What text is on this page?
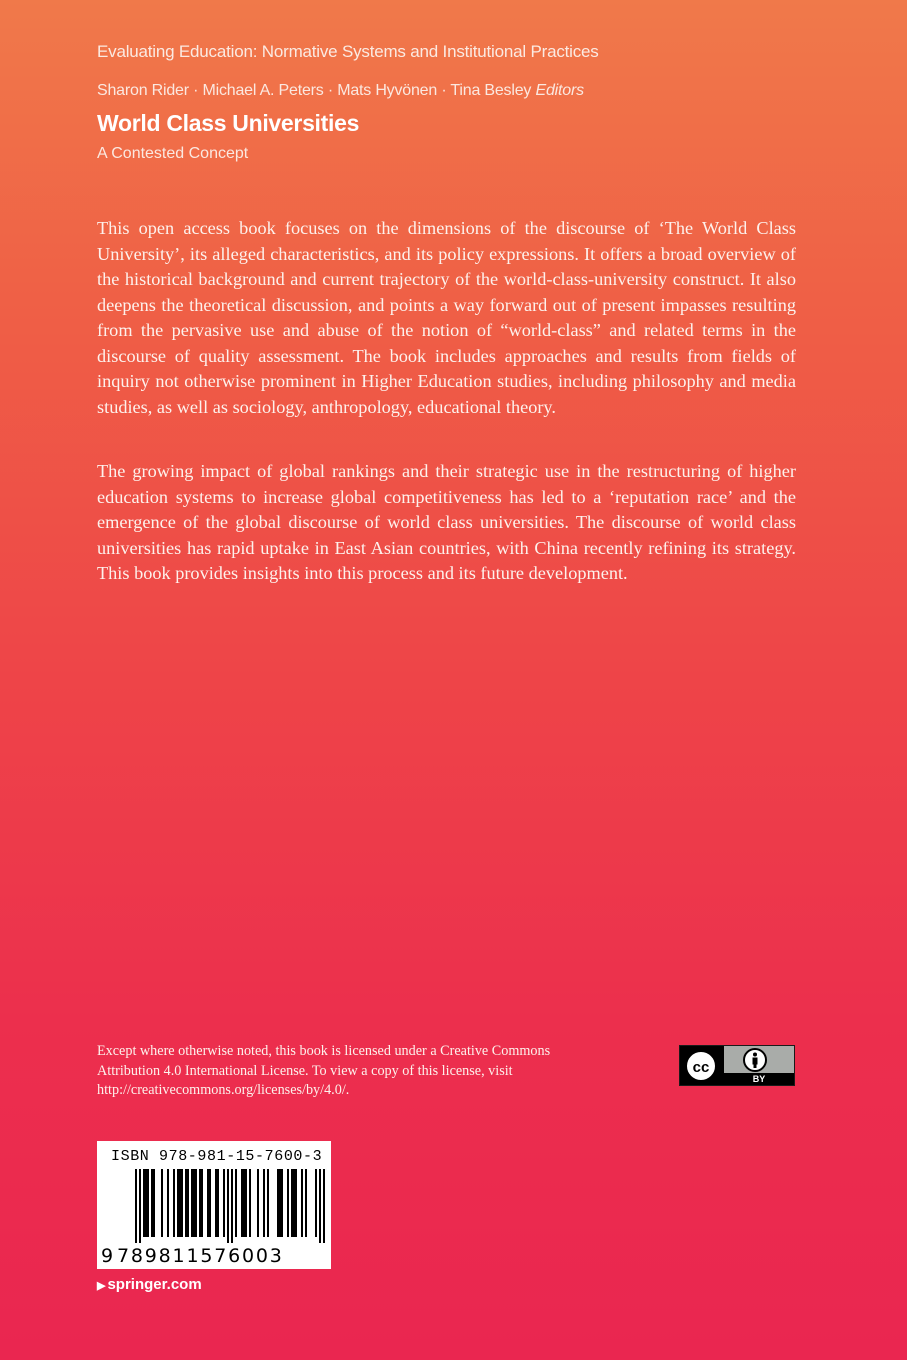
Evaluating Education: Normative Systems and Institutional Practices
Sharon Rider · Michael A. Peters · Mats Hyvönen · Tina Besley Editors
World Class Universities
A Contested Concept

This open access book focuses on the dimensions of the discourse of ‘The World Class University’, its alleged characteristics, and its policy expressions. It offers a broad overview of the historical background and current trajectory of the world-class-university construct. It also deepens the theoretical discussion, and points a way forward out of present impasses resulting from the pervasive use and abuse of the notion of “world-class” and related terms in the discourse of quality assessment. The book includes approaches and results from fields of inquiry not otherwise prominent in Higher Education studies, including philosophy and media studies, as well as sociology, anthropology, educational theory.

The growing impact of global rankings and their strategic use in the restructuring of higher education systems to increase global competitiveness has led to a ‘reputation race’ and the emergence of the global discourse of world class universities. The discourse of world class universities has rapid uptake in East Asian countries, with China recently refining its strategy. This book provides insights into this process and its future development.

Except where otherwise noted, this book is licensed under a Creative Commons Attribution 4.0 International License. To view a copy of this license, visit http://creativecommons.org/licenses/by/4.0/.
cc
BY
ISBN 978-981-15-7600-3
9 789811576003
▶ springer.com
